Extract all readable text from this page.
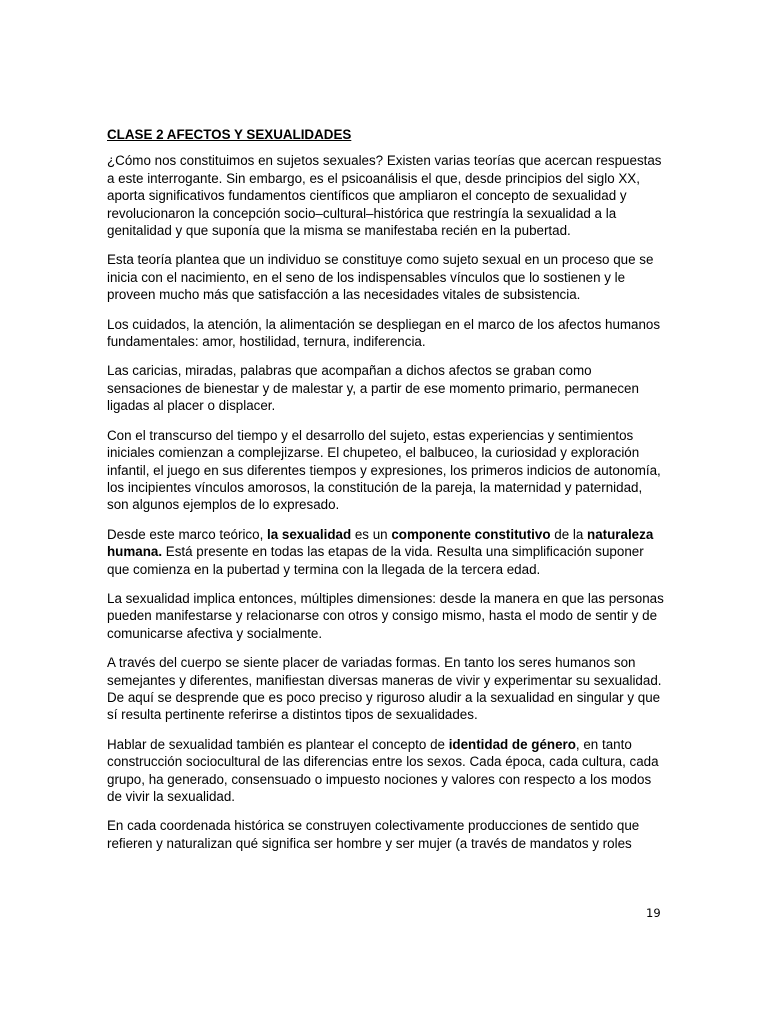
CLASE 2 AFECTOS Y SEXUALIDADES

¿Cómo nos constituimos en sujetos sexuales? Existen varias teorías que acercan respuestas a este interrogante. Sin embargo, es el psicoanálisis el que, desde principios del siglo XX, aporta significativos fundamentos científicos que ampliaron el concepto de sexualidad y revolucionaron la concepción socio–cultural–histórica que restringía la sexualidad a la genitalidad y que suponía que la misma se manifestaba recién en la pubertad.

Esta teoría plantea que un individuo se constituye como sujeto sexual en un proceso que se inicia con el nacimiento, en el seno de los indispensables vínculos que lo sostienen y le proveen mucho más que satisfacción a las necesidades vitales de subsistencia.

Los cuidados, la atención, la alimentación se despliegan en el marco de los afectos humanos fundamentales: amor, hostilidad, ternura, indiferencia.

Las caricias, miradas, palabras que acompañan a dichos afectos se graban como sensaciones de bienestar y de malestar y, a partir de ese momento primario, permanecen ligadas al placer o displacer.

Con el transcurso del tiempo y el desarrollo del sujeto, estas experiencias y sentimientos iniciales comienzan a complejizarse. El chupeteo, el balbuceo, la curiosidad y exploración infantil, el juego en sus diferentes tiempos y expresiones, los primeros indicios de autonomía, los incipientes vínculos amorosos, la constitución de la pareja, la maternidad y paternidad, son algunos ejemplos de lo expresado.

Desde este marco teórico, la sexualidad es un componente constitutivo de la naturaleza humana. Está presente en todas las etapas de la vida. Resulta una simplificación suponer que comienza en la pubertad y termina con la llegada de la tercera edad.

La sexualidad implica entonces, múltiples dimensiones: desde la manera en que las personas pueden manifestarse y relacionarse con otros y consigo mismo, hasta el modo de sentir y de comunicarse afectiva y socialmente.

A través del cuerpo se siente placer de variadas formas. En tanto los seres humanos son semejantes y diferentes, manifiestan diversas maneras de vivir y experimentar su sexualidad. De aquí se desprende que es poco preciso y riguroso aludir a la sexualidad en singular y que sí resulta pertinente referirse a distintos tipos de sexualidades.

Hablar de sexualidad también es plantear el concepto de identidad de género, en tanto construcción sociocultural de las diferencias entre los sexos. Cada época, cada cultura, cada grupo, ha generado, consensuado o impuesto nociones y valores con respecto a los modos de vivir la sexualidad.

En cada coordenada histórica se construyen colectivamente producciones de sentido que refieren y naturalizan qué significa ser hombre y ser mujer (a través de mandatos y roles

19
